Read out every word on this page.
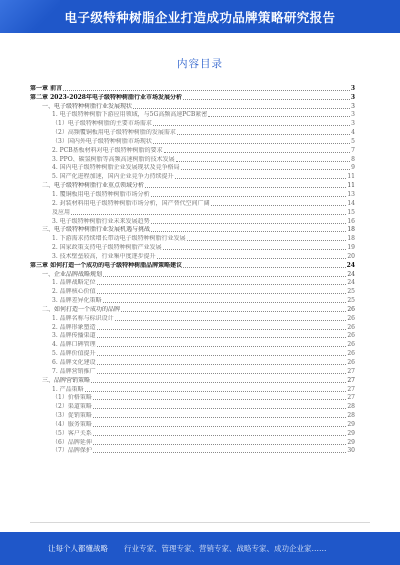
电子级特种树脂企业打造成功品牌策略研究报告
内容目录
第一章 前言	3
第二章 2023-2028年电子级特种树脂行业市场发展分析	3
一、电子级特种树脂行业发展现状	3
1. 电子级特种树脂下游应用领域，与5G高频高速PCB紧密	3
（1）电子级特种树脂的主要市场需求	3
（2）高频覆铜板用电子级特种树脂的发展需求	4
（3）国内外电子级特种树脂市场现状	5
2. PCB基板材料对电子级特种树脂的要求	7
3. PPO、碳氢树脂等高频高速树脂的技术发展	8
4. 国内电子级特种树脂企业发展现状及竞争格局	9
5. 国产化进程加速，国内企业竞争力持续提升	11
二、电子级特种树脂行业重点领域分析	11
1. 覆铜板用电子级特种树脂市场分析	13
2. 封装材料用电子级特种树脂市场分析，国产替代空间广阔	14
及应用	15
3. 电子级特种树脂行业未来发展趋势	16
三、电子级特种树脂行业发展机遇与挑战	18
1. 下游需求持续增长带动电子级特种树脂行业发展	18
2. 国家政策支持电子级特种树脂产业发展	19
3. 技术壁垒较高，行业集中度逐步提升	20
第三章 如何打造一个成功的电子级特种树脂品牌策略建议	24
一、企业品牌战略规划	24
1. 品牌战略定位	24
2. 品牌核心价值	25
3. 品牌差异化策略	25
二、如何打造一个成功的品牌	26
1. 品牌名称与标识设计	26
2. 品牌形象塑造	26
3. 品牌传播渠道	26
4. 品牌口碑管理	26
5. 品牌价值提升	26
6. 品牌文化建设	26
7. 品牌营销推广	27
三、品牌营销策略	27
1. 产品策略	27
（1）价格策略	27
（2）渠道策略	28
（3）促销策略	28
（4）服务策略	29
（5）客户关系	29
（6）品牌延伸	29
（7）品牌保护	30
让每个人都懂战略 行业专家、管理专家、营销专家、战略专家、成功企业家……
